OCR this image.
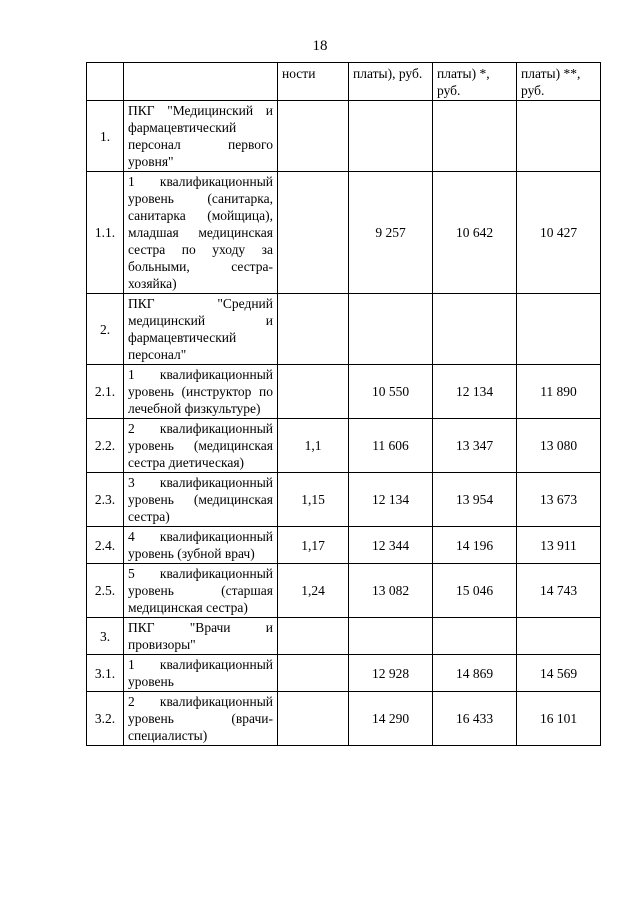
18
		ности	платы), руб.	платы) *, руб.	платы) **, руб.
1.	ПКГ "Медицинский и фармацевтический персонал первого уровня"				
1.1.	1 квалификационный уровень (санитарка, санитарка (мойщица), младшая медицинская сестра по уходу за больными, сестра-хозяйка)		9 257	10 642	10 427
2.	ПКГ "Средний медицинский и фармацевтический персонал"				
2.1.	1 квалификационный уровень (инструктор по лечебной физкультуре)		10 550	12 134	11 890
2.2.	2 квалификационный уровень (медицинская сестра диетическая)	1,1	11 606	13 347	13 080
2.3.	3 квалификационный уровень (медицинская сестра)	1,15	12 134	13 954	13 673
2.4.	4 квалификационный уровень (зубной врач)	1,17	12 344	14 196	13 911
2.5.	5 квалификационный уровень (старшая медицинская сестра)	1,24	13 082	15 046	14 743
3.	ПКГ "Врачи и провизоры"				
3.1.	1 квалификационный уровень		12 928	14 869	14 569
3.2.	2 квалификационный уровень (врачи-специалисты)		14 290	16 433	16 101
